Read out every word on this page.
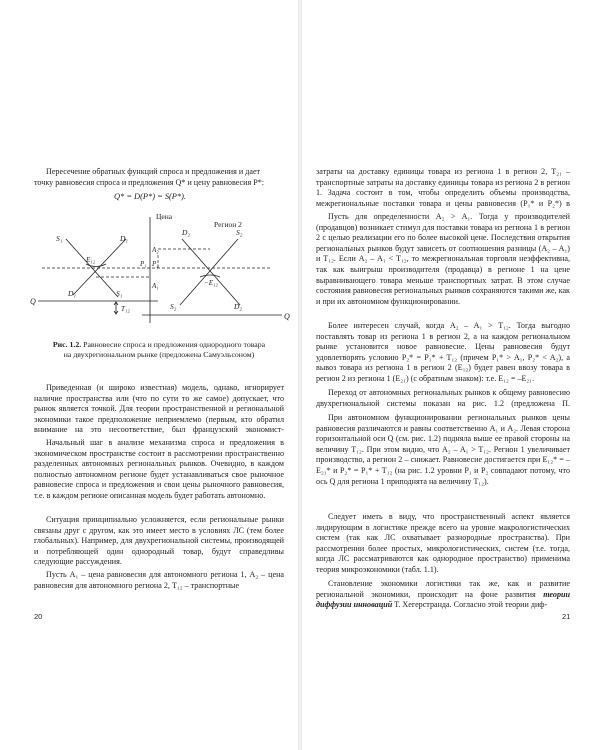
Пересечение обратных функций спроса и предложения и дает
точку равновесия спроса и предложения Q* и цену равновесия P*:

Q* = D(P*) = S(P*).
Цена
Регион 2
S₁	D₁
E₁₂
D₁	S₁
T₁₂
Q
Q
A₁
A₂
P₁ P₂
D₂	S₂
−E₁₂
S₂	D₂
Рис. 1.2. Равновесие спроса и предложения однородного товара
на двухрегиональном рынке (предложена Самуэльсоном)

Приведенная (и широко известная) модель, однако, игнорирует наличие пространства или (что по сути то же самое) допускает, что рынок является точкой. Для теории пространственной и региональной экономики такое предположение неприемлемо (первым, кто обратил внимание на это несоответствие, был французский экономист-

Начальный шаг в анализе механизма спроса и предложения в экономическом пространстве состоит в рассмотрении пространственно разделенных автономных региональных рынков. Очевидно, в каждом полностью автономном регионе будет устанавливаться свое рыночное равновесие спроса и предложения и свои цены рыночного равновесия, т.е. в каждом регионе описанная модель будет работать автономно.

Ситуация принципиально усложняется, если региональные рынки связаны друг с другом, как это имеет место в условиях ЛС (тем более глобальных). Например, для двухрегиональной системы, производящей и потребляющей один однородный товар, будут справедливы следующие рассуждения.

Пусть A₁ – цена равновесия для автономного региона 1, A₂ – цена равновесия для автономного региона 2, T₁₂ – транспортные

20

затраты на доставку единицы товара из региона 1 в регион 2, T₂₁ – транспортные затраты на доставку единицы товара из региона 2 в регион 1. Задача состоит в том, чтобы определить объемы производства, межрегиональные поставки товара и цены равновесия (P₁* и P₂*) в

Пусть для определенности A₂ > A₁. Тогда у производителей (продавцов) возникает стимул для поставки товара из региона 1 в регион 2 с целью реализации его по более высокой цене. Последствия открытия региональных рынков будут зависеть от соотношения разницы (A₂ – A₁) и T₁₂. Если A₂ – A₁ < T₁₂, то межрегиональная торговля неэффективна, так как выигрыш производителя (продавца) в регионе 1 на цене выравнивающего товара меньше транспортных затрат. В этом случае состояния равновесия региональных рынков сохраняются такими же, как и при их автономном функционировании.

Более интересен случай, когда A₂ – A₁ > T₁₂. Тогда выгодно поставлять товар из региона 1 в регион 2, а на каждом региональном рынке установится новое равновесие. Цены равновесия будут удовлетворять условию P₂* = P₁* + T₁₂ (причем P₁* > A₁, P₂* < A₂), а вывоз товара из региона 1 в регион 2 (E₁₂) будет равен ввозу товара в регион 2 из региона 1 (E₂₁) (с обратным знаком): т.е. E₁₂ = –E₂₁.

Переход от автономных региональных рынков к общему равновесию двухрегиональной системы показан на рис. 1.2 (предложена П.

При автономном функционировании региональных рынков цены равновесия различаются и равны соответственно A₁ и A₂. Левая сторона горизонтальной оси Q (см. рис. 1.2) подняла выше ее правой стороны на величину T₁₂. При этом видно, что A₂ – A₁ > T₁₂. Регион 1 увеличивает производство, а регион 2 – снижает. Равновесие достигается при E₁₂* = –E₂₁* и P₂* = P₁* + T₁₂ (на рис. 1.2 уровни P₁ и P₂ совпадают потому, что ось Q для региона 1 приподнята на величину T₁₂).

Следует иметь в виду, что пространственный аспект является лидирующим в логистике прежде всего на уровне макрологистических систем (так как ЛС охватывает разнородные пространства). При рассмотрении более простых, микрологистических, систем (т.е. тогда, когда ЛС рассматриваются как однородное пространство) применима теория микроэкономики (табл. 1.1).

Становление экономики логистики так же, как и развитие региональной экономики, происходит на фоне развития теории диффузии инноваций Т. Хегерстранда. Согласно этой теории диф-

21
